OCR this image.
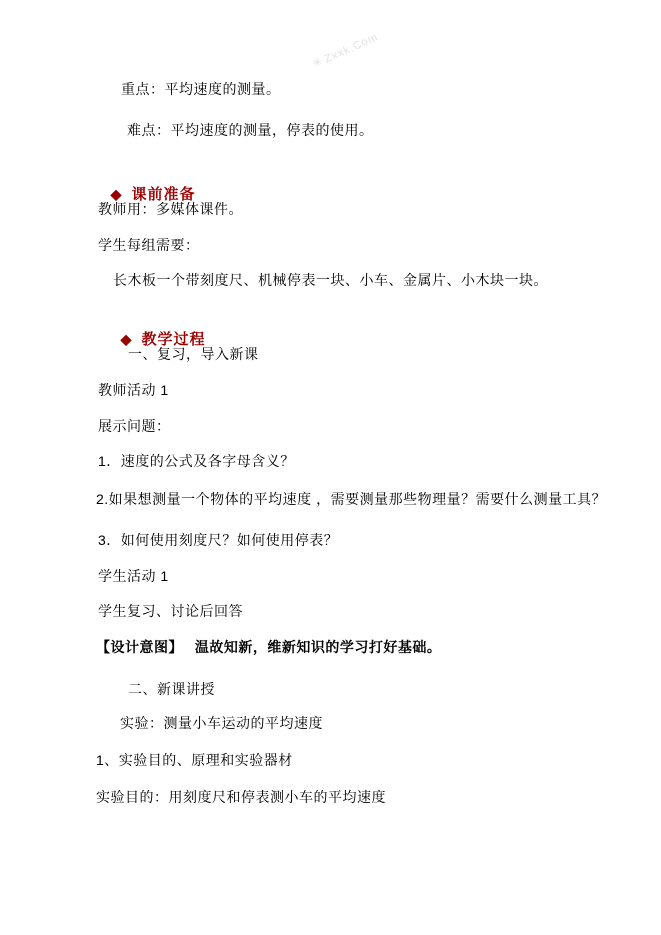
✳Zxxk.Com

重点：平均速度的测量。

难点：平均速度的测量，停表的使用。

◆ 课前准备

教师用：多媒体课件。

学生每组需要：

长木板一个带刻度尺、机械停表一块、小车、金属片、小木块一块。

◆ 教学过程

一、复习，导入新课

教师活动 1

展示问题：

1．速度的公式及各字母含义？

2.如果想测量一个物体的平均速度 ，需要测量那些物理量？需要什么测量工具？

3．如何使用刻度尺？如何使用停表？

学生活动 1

学生复习、讨论后回答

【设计意图】　 温故知新，维新知识的学习打好基础。

二、新课讲授

实验：测量小车运动的平均速度

1、实验目的、原理和实验器材

实验目的：用刻度尺和停表测小车的平均速度
